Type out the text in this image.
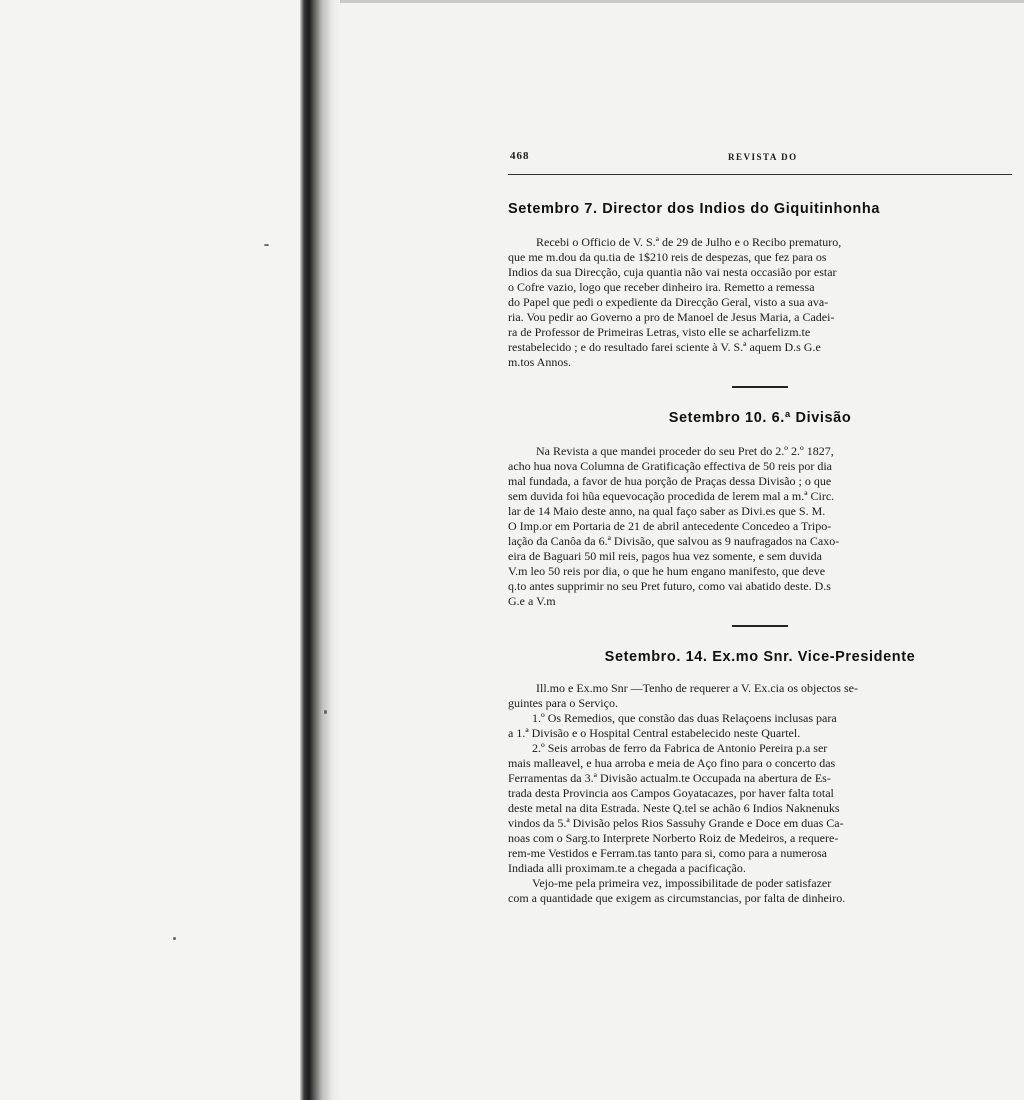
468	REVISTA DO
Setembro 7. Director dos Indios do Giquitinhonha
Recebi o Officio de V. S.ª de 29 de Julho e o Recibo prematuro,
que me m.dou da qu.tia de 1$210 reis de despezas, que fez para os
Indios da sua Direcção, cuja quantia não vai nesta occasião por estar
o Cofre vazio, logo que receber dinheiro ira. Remetto a remessa
do Papel que pedi o expediente da Direcção Geral, visto a sua ava-
ria. Vou pedir ao Governo a pro de Manoel de Jesus Maria, a Cadei-
ra de Professor de Primeiras Letras, visto elle se acharfelizm.te
restabelecido ; e do resultado farei sciente à V. S.ª aquem D.s G.e
m.tos Annos.
Setembro 10. 6.ª Divisão
Na Revista a que mandei proceder do seu Pret do 2.º 2.º 1827,
acho hua nova Columna de Gratificação effectiva de 50 reis por dia
mal fundada, a favor de hua porção de Praças dessa Divisão ; o que
sem duvida foi hũa equevocação procedida de lerem mal a m.ª Circ.
lar de 14 Maio deste anno, na qual faço saber as Divi.es que S. M.
O Imp.or em Portaria de 21 de abril antecedente Concedeo a Tripo-
lação da Canôa da 6.ª Divisão, que salvou as 9 naufragados na Caxo-
eira de Baguari 50 mil reis, pagos hua vez somente, e sem duvida
V.m leo 50 reis por dia, o que he hum engano manifesto, que deve
q.to antes supprimir no seu Pret futuro, como vai abatido deste. D.s
G.e a V.m
Setembro. 14. Ex.mo Snr. Vice-Presidente
Ill.mo e Ex.mo Snr —Tenho de requerer a V. Ex.cia os objectos se-
guintes para o Serviço.
1.º Os Remedios, que constão das duas Relaçoens inclusas para
a 1.ª Divisão e o Hospital Central estabelecido neste Quartel.
2.º Seis arrobas de ferro da Fabrica de Antonio Pereira p.a ser
mais malleavel, e hua arroba e meia de Aço fino para o concerto das
Ferramentas da 3.ª Divisão actualm.te Occupada na abertura de Es-
trada desta Provincia aos Campos Goyatacazes, por haver falta total
deste metal na dita Estrada. Neste Q.tel se achão 6 Indios Naknenuks
vindos da 5.ª Divisão pelos Rios Sassuhy Grande e Doce em duas Ca-
noas com o Sarg.to Interprete Norberto Roiz de Medeiros, a requere-
rem-me Vestidos e Ferram.tas tanto para si, como para a numerosa
Indiada alli proximam.te a chegada a pacificação.
Vejo-me pela primeira vez, impossibilitade de poder satisfazer
com a quantidade que exigem as circumstancias, por falta de dinheiro.
